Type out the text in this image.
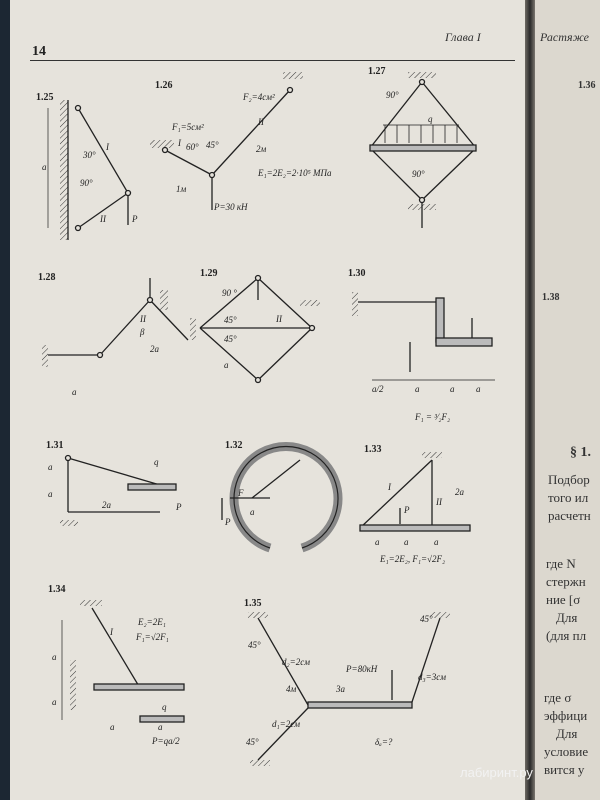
14
Глава I
1.25
1.26
1.27
1.28	1.29	1.30
1.31	1.32	1.33
1.34
1.35
a
30°
90°
I
II	P
F₂=4см²
F₁=5см²
60° 45°
1м
2м
E₁=2E₂=2·10⁵ МПа
P=30 кН
II
I
90°
90°
q
β
II
2a
a
90 °
45°
45°
II
a
a/2	a	a a
F₁ = ³⁄₂F₂
q
a
a
2a	P
F
a
P
P
I
II
2a
a	a	a
E₁=2E₂, F₁=√2F₂
a
a
I
E₂=2E₁
F₁=√2F₁
q
P=qa/2
a	a
45°
45°
45°
d₂=2см
P=80кН
d₁=2см
d₃=3см
δₐ=?
4м	3a
Растяже
1.36
1.38
§ 1.
Подбор
того ил
расчетн
где N
стержн
ние [σ
Для
(для пл
где σ
эффици
Для
условие
вится у
лабиринт.ру
